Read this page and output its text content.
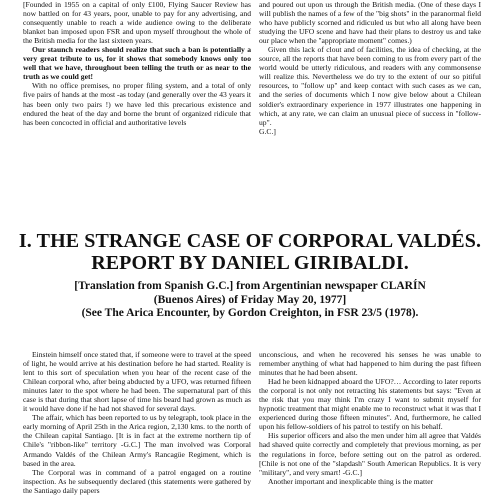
[Founded in 1955 on a capital of only £100, Flying Saucer Review has now battled on for 43 years, poor, unable to pay for any advertising, and consequently unable to reach a wide audience owing to the deliberate blanket ban imposed upon FSR and upon myself throughout the whole of the British media for the last sixteen years.

Our staunch readers should realize that such a ban is potentially a very great tribute to us, for it shows that somebody knows only too well that we have, throughout been telling the truth or as near to the truth as we could get!

With no office premises, no proper filing system, and a total of only five pairs of hands at the most -as today (and generally over the 43 years it has been only two pairs !) we have led this precarious existence and endured the heat of the day and borne the brunt of organized ridicule that has been concocted in official and authoritative levels

and poured out upon us through the British media. (One of these days I will publish the names of a few of the "big shots" in the paranormal field who have publicly scorned and ridiculed us but who all along have been studying the UFO scene and have had their plans to destroy us and take our place when the "appropriate moment" comes.)

Given this lack of clout and of facilities, the idea of checking, at the source, all the reports that have been coming to us from every part of the world would be utterly ridiculous, and readers with any commonsense will realize this. Nevertheless we do try to the extent of our so pitiful resources, to "follow up" and keep contact with such cases as we can, and the series of documents which I now give below about a Chilean soldier's extraordinary experience in 1977 illustrates one happening in which, at any rate, we can claim an unusual piece of success in "follow-up".

G.C.]

I. THE STRANGE CASE OF CORPORAL VALDÉS.

REPORT BY DANIEL GIRIBALDI.

[Translation from Spanish G.C.] from Argentinian newspaper CLARÍN

(Buenos Aires) of Friday May 20, 1977]

(See The Arica Encounter, by Gordon Creighton, in FSR 23/5 (1978).

Einstein himself once stated that, if someone were to travel at the speed of light, he would arrive at his destination before he had started. Reality is lent to this sort of speculation when you hear of the recent case of the Chilean corporal who, after being abducted by a UFO, was returned fifteen minutes later to the spot where he had been. The supernatural part of this case is that during that short lapse of time his beard had grown as much as it would have done if he had not shaved for several days.

The affair, which has been reported to us by telegraph, took place in the early morning of April 25th in the Arica region, 2,130 kms. to the north of the Chilean capital Santiago. [It is in fact at the extreme northern tip of Chile's "ribbon-like" territory -G.C.] The man involved was Corporal Armando Valdés of the Chilean Army's Rancagüe Regiment, which is based in the area.

The Corporal was in command of a patrol engaged on a routine inspection. As he subsequently declared (this statements were gathered by the Santiago daily papers

unconscious, and when he recovered his senses he was unable to remember anything of what had happened to him during the past fifteen minutes that he had been absent.

Had he been kidnapped aboard the UFO?… According to later reports the corporal is not only not retracting his statements but says: "Even at the risk that you may think I'm crazy I want to submit myself for hypnotic treatment that might enable me to reconstruct what it was that I experienced during those fifteen minutes". And, furthermore, he called upon his fellow-soldiers of his patrol to testify on his behalf.

His superior officers and also the men under him all agree that Valdés had shaved quite correctly and completely that previous morning, as per the regulations in force, before setting out on the patrol as ordered. [Chile is not one of the "slapdash" South American Republics. It is very "military", and very smart! -G.C.]

Another important and inexplicable thing is the matter
